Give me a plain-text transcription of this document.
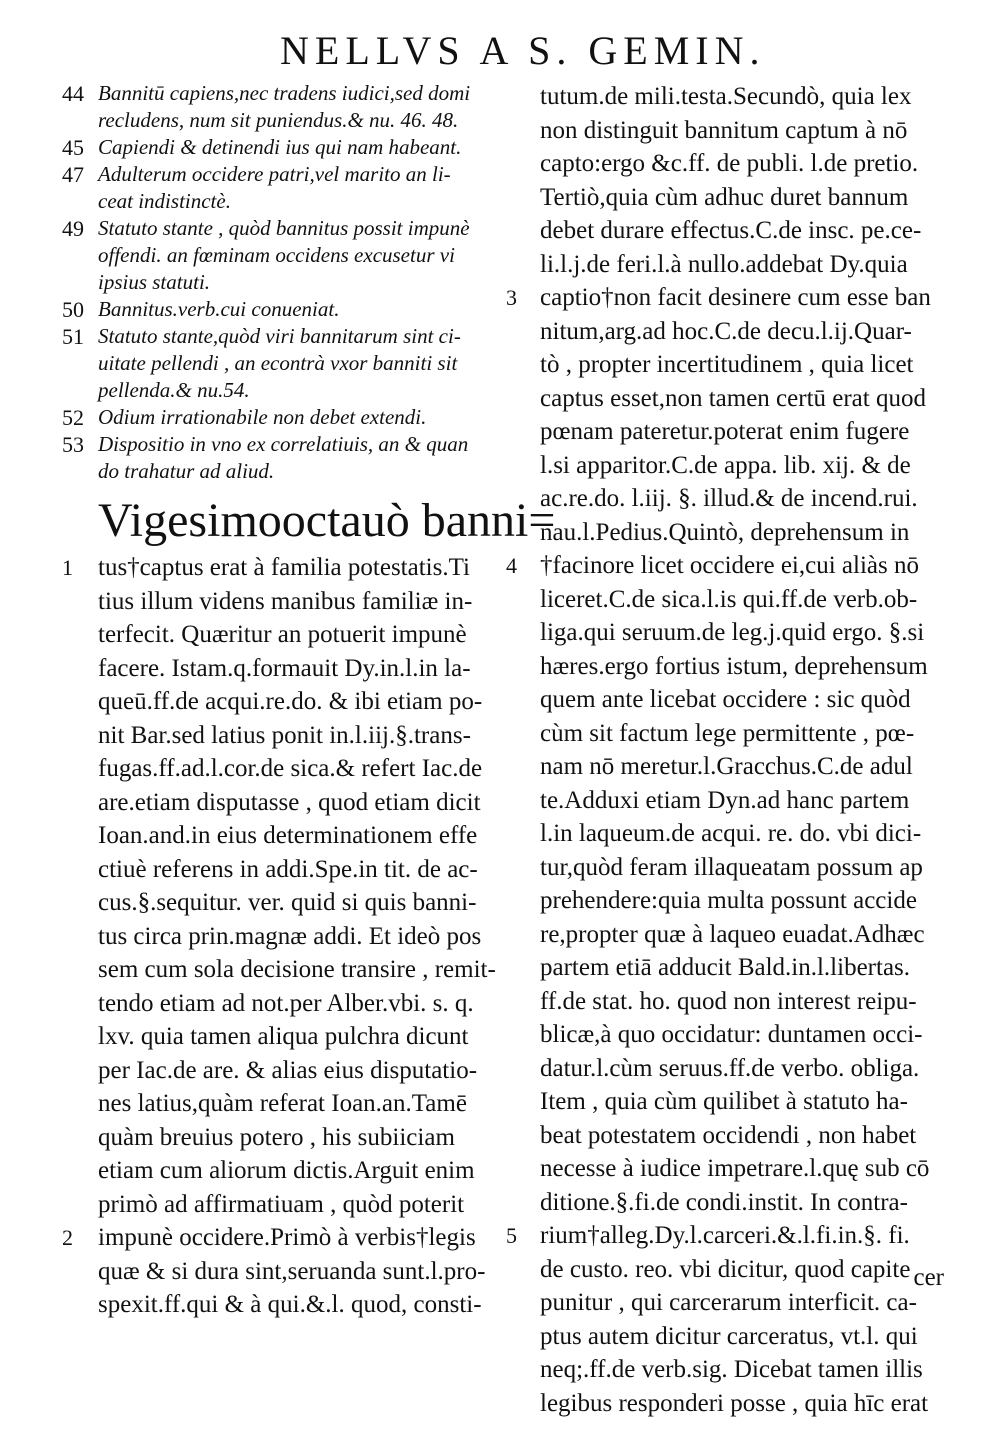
NELLVS A S. GEMIN.
44 Bannitū capiens,nec tradens iudici,sed domi
recludens, num sit puniendus.& nu. 46. 48.
45 Capiendi & detinendi ius qui nam habeant.
47 Adulterum occidere patri,vel marito an li-
ceat indistinctè.
49 Statuto stante , quòd bannitus possit impunè
offendi. an fœminam occidens excusetur vi
ipsius statuti.
50 Bannitus.verb.cui conueniat.
51 Statuto stante,quòd viri bannitarum sint ci-
uitate pellendi , an econtrà vxor banniti sit
pellenda.& nu.54.
52 Odium irrationabile non debet extendi.
53 Dispositio in vno ex correlatiuis, an & quan
do trahatur ad aliud.
Vigesimooctauò banni=
1 tus†captus erat à familia potestatis.Ti
tius illum videns manibus familiæ in-
terfecit. Quæritur an potuerit impunè
facere. Istam.q.formauit Dy.in.l.in la-
queū.ff.de acqui.re.do. & ibi etiam po-
nit Bar.sed latius ponit in.l.iij.§.trans-
fugas.ff.ad.l.cor.de sica.& refert Iac.de
are.etiam disputasse , quod etiam dicit
Ioan.and.in eius determinationem effe
ctiuè referens in addi.Spe.in tit. de ac-
cus.§.sequitur. ver. quid si quis banni-
tus circa prin.magnæ addi. Et ideò pos
sem cum sola decisione transire , remit-
tendo etiam ad not.per Alber.vbi. s. q.
lxv. quia tamen aliqua pulchra dicunt
per Iac.de are. & alias eius disputatio-
nes latius,quàm referat Ioan.an.Tamē
quàm breuius potero , his subiiciam
etiam cum aliorum dictis.Arguit enim
primò ad affirmatiuam , quòd poterit
2 impunè occidere.Primò à verbis†legis
quæ & si dura sint,seruanda sunt.l.pro-
spexit.ff.qui & à qui.&.l. quod, consti-
tutum.de mili.testa.Secundò, quia lex
non distinguit bannitum captum à nō
capto:ergo &c.ff. de publi. l.de pretio.
Tertiò,quia cùm adhuc duret bannum
debet durare effectus.C.de insc. pe.ce-
li.l.j.de feri.l.à nullo.addebat Dy.quia
3 captio†non facit desinere cum esse ban
nitum,arg.ad hoc.C.de decu.l.ij.Quar-
tò , propter incertitudinem , quia licet
captus esset,non tamen certū erat quod
pœnam pateretur.poterat enim fugere
l.si apparitor.C.de appa. lib. xij. & de
ac.re.do. l.iij. §. illud.& de incend.rui.
nau.l.Pedius.Quintò, deprehensum in
4 †facinore licet occidere ei,cui aliàs nō
liceret.C.de sica.l.is qui.ff.de verb.ob-
liga.qui seruum.de leg.j.quid ergo. §.si
hæres.ergo fortius istum, deprehensum
quem ante licebat occidere : sic quòd
cùm sit factum lege permittente , pœ-
nam nō meretur.l.Gracchus.C.de adul
te.Adduxi etiam Dyn.ad hanc partem
l.in laqueum.de acqui. re. do. vbi dici-
tur,quòd feram illaqueatam possum ap
prehendere:quia multa possunt accide
re,propter quæ à laqueo euadat.Adhæc
partem etiā adducit Bald.in.l.libertas.
ff.de stat. ho. quod non interest reipu-
blicæ,à quo occidatur: duntamen occi-
datur.l.cùm seruus.ff.de verbo. obliga.
Item , quia cùm quilibet à statuto ha-
beat potestatem occidendi , non habet
necesse à iudice impetrare.l.quę sub cō
ditione.§.fi.de condi.instit. In contra-
5 rium†alleg.Dy.l.carceri.&.l.fi.in.§. fi.
de custo. reo. vbi dicitur, quod capite
punitur , qui carcerarum interficit. ca-
ptus autem dicitur carceratus, vt.l. qui
neq;.ff.de verb.sig. Dicebat tamen illis
legibus responderi posse , quia hīc erat
cer
